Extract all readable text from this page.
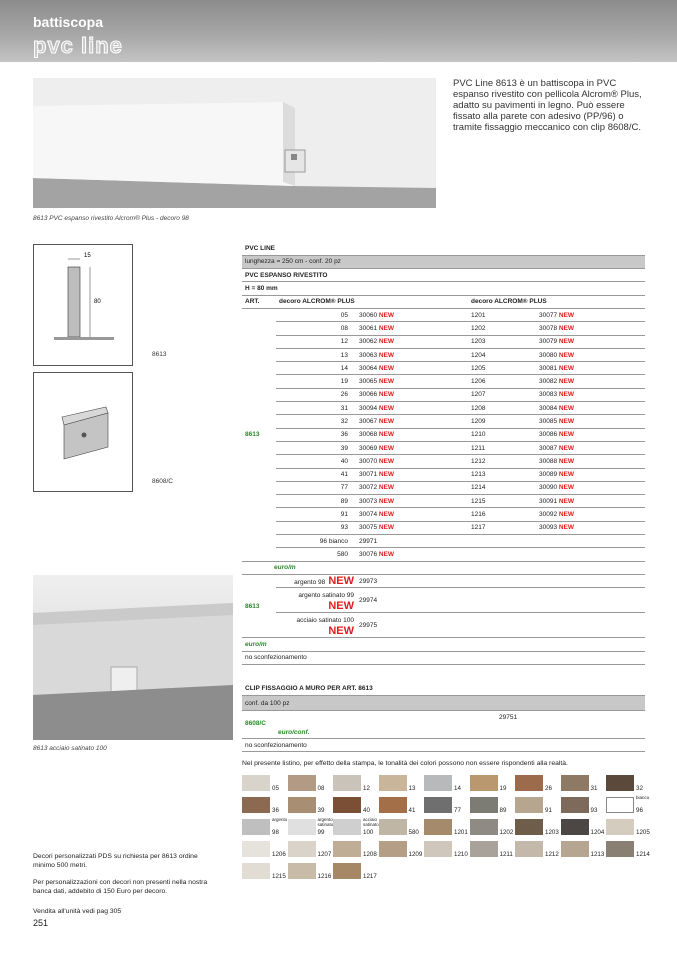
battiscopa
pvc line
PVC Line 8613 è un battiscopa in PVC espanso rivestito con pellicola Alcrom® Plus, adatto su pavimenti in legno. Può essere fissato alla parete con adesivo (PP/96) o tramite fissaggio meccanico con clip 8608/C.
8613 PVC espanso rivestito Alcrom® Plus - decoro 98
15
80
8613
8608/C
8613 acciaio satinato 100
PVC LINE				
lunghezza = 250 cm - conf. 20 pz				
PVC ESPANSO RIVESTITO				
H = 80 mm				
ART.	decoro ALCROM® PLUS		decoro ALCROM® PLUS	
8613	05	30060 NEW	1201	30077 NEW
	08	30061 NEW	1202	30078 NEW
	12	30062 NEW	1203	30079 NEW
	13	30063 NEW	1204	30080 NEW
	14	30064 NEW	1205	30081 NEW
	19	30065 NEW	1206	30082 NEW
	26	30066 NEW	1207	30083 NEW
	31	30094 NEW	1208	30084 NEW
	32	30067 NEW	1209	30085 NEW
	36	30068 NEW	1210	30086 NEW
	39	30069 NEW	1211	30087 NEW
	40	30070 NEW	1212	30088 NEW
	41	30071 NEW	1213	30089 NEW
	77	30072 NEW	1214	30090 NEW
	89	30073 NEW	1215	30091 NEW
	91	30074 NEW	1216	30092 NEW
	93	30075 NEW	1217	30093 NEW
	96 bianco	29971		
	580	30076 NEW		
euro/m				
8613	argento 98 NEW	29973		
	argento satinato 99 NEW	29974		
	acciaio satinato 100 NEW	29975		
euro/m				
no sconfezionamento				

CLIP FISSAGGIO A MURO PER ART. 8613				
conf. da 100 pz				

8608/C
29751
euro/conf.				

no sconfezionamento				
Nel presente listino, per effetto della stampa, le tonalità dei colori possono non essere rispondenti alla realtà.
05	08	12	13	14	19	26	31	32
36	39	40	41	77	89	91	93
bianco
96
argento
98
argento satinato
99
acciaio satinato
100	580	1201	1202	1203	1204	1205
1206	1207	1208	1209	1210	1211	1212	1213	1214
1215	1216	1217
Decori personalizzati PDS su richiesta per 8613 ordine minimo 500 metri.
Per personalizzazioni con decori non presenti nella nostra banca dati, addebito di 150 Euro per decoro.
Vendita all'unità vedi pag 305
251
